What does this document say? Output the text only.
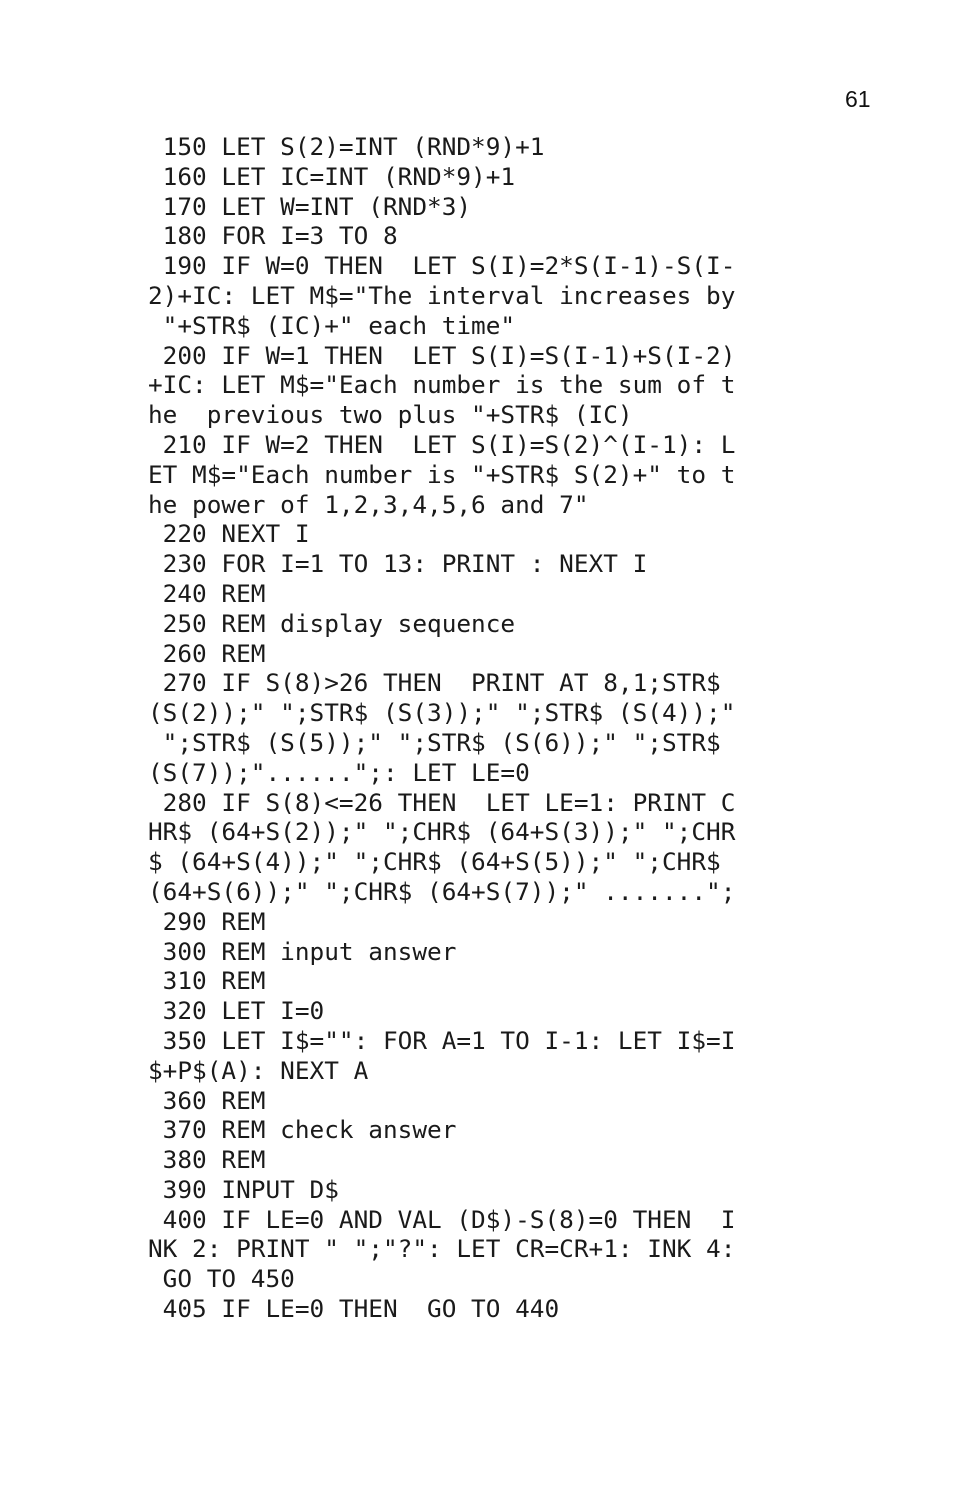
61
150 LET S(2)=INT (RND*9)+1
160 LET IC=INT (RND*9)+1
170 LET W=INT (RND*3)
180 FOR I=3 TO 8
190 IF W=0 THEN  LET S(I)=2*S(I-1)-S(I-
2)+IC: LET M$="The interval increases by
"+STR$ (IC)+" each time"
200 IF W=1 THEN  LET S(I)=S(I-1)+S(I-2)
+IC: LET M$="Each number is the sum of t
he  previous two plus "+STR$ (IC)
210 IF W=2 THEN  LET S(I)=S(2)^(I-1): L
ET M$="Each number is "+STR$ S(2)+" to t
he power of 1,2,3,4,5,6 and 7"
220 NEXT I
230 FOR I=1 TO 13: PRINT : NEXT I
240 REM
250 REM display sequence
260 REM
270 IF S(8)>26 THEN  PRINT AT 8,1;STR$
(S(2));" ";STR$ (S(3));" ";STR$ (S(4));"
";STR$ (S(5));" ";STR$ (S(6));" ";STR$
(S(7));"......";: LET LE=0
280 IF S(8)<=26 THEN  LET LE=1: PRINT C
HR$ (64+S(2));" ";CHR$ (64+S(3));" ";CHR
$ (64+S(4));" ";CHR$ (64+S(5));" ";CHR$
(64+S(6));" ";CHR$ (64+S(7));" .......";
290 REM
300 REM input answer
310 REM
320 LET I=0
350 LET I$="": FOR A=1 TO I-1: LET I$=I
$+P$(A): NEXT A
360 REM
370 REM check answer
380 REM
390 INPUT D$
400 IF LE=0 AND VAL (D$)-S(8)=0 THEN  I
NK 2: PRINT " ";"?": LET CR=CR+1: INK 4:
GO TO 450
405 IF LE=0 THEN  GO TO 440
